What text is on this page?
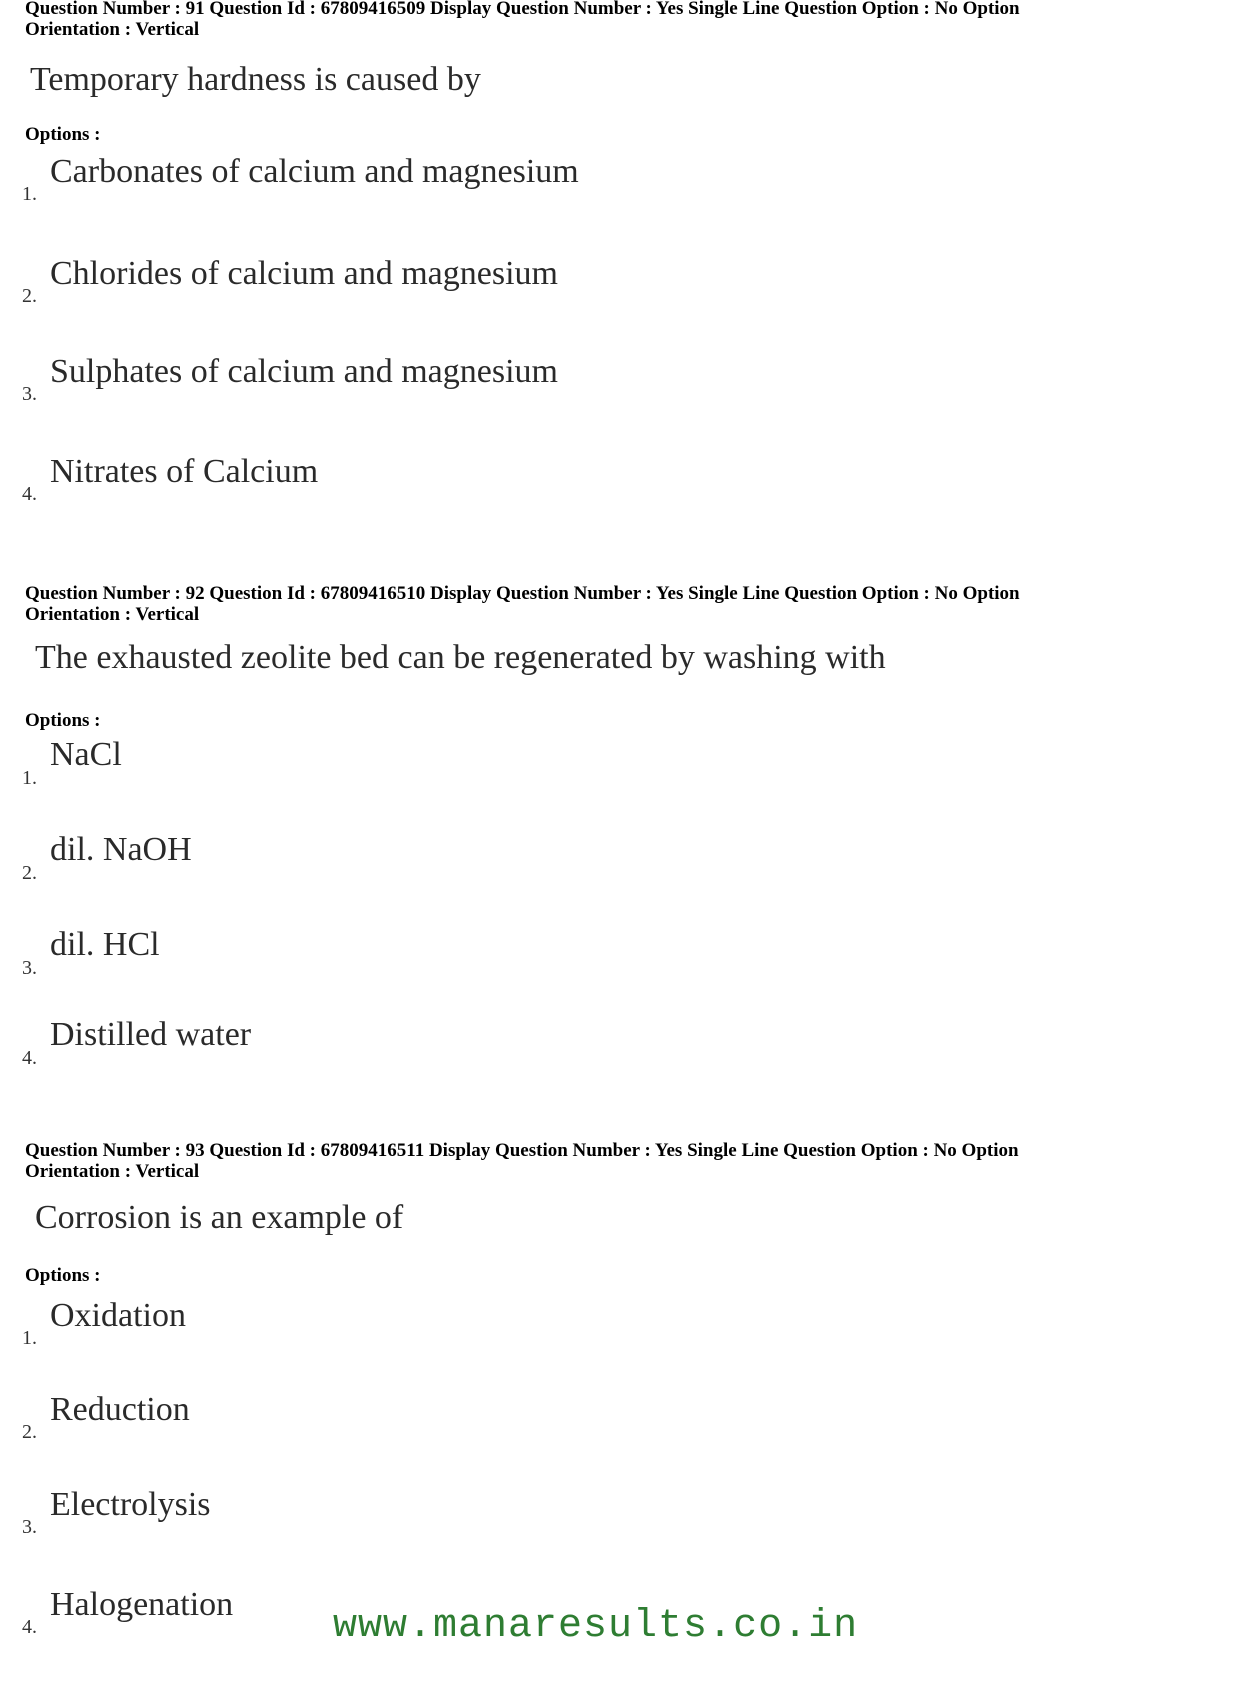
Question Number : 91 Question Id : 67809416509 Display Question Number : Yes Single Line Question Option : No Option
Orientation : Vertical
Temporary hardness is caused by
Options :
1.
Carbonates of calcium and magnesium
2.
Chlorides of calcium and magnesium
3.
Sulphates of calcium and magnesium
4.
Nitrates of Calcium
Question Number : 92 Question Id : 67809416510 Display Question Number : Yes Single Line Question Option : No Option
Orientation : Vertical
The exhausted zeolite bed can be regenerated by washing with
Options :
1.
NaCl
2.
dil. NaOH
3.
dil. HCl
4.
Distilled water
Question Number : 93 Question Id : 67809416511 Display Question Number : Yes Single Line Question Option : No Option
Orientation : Vertical
Corrosion is an example of
Options :
1.
Oxidation
2.
Reduction
3.
Electrolysis
4.
Halogenation www.manaresults.co.in
